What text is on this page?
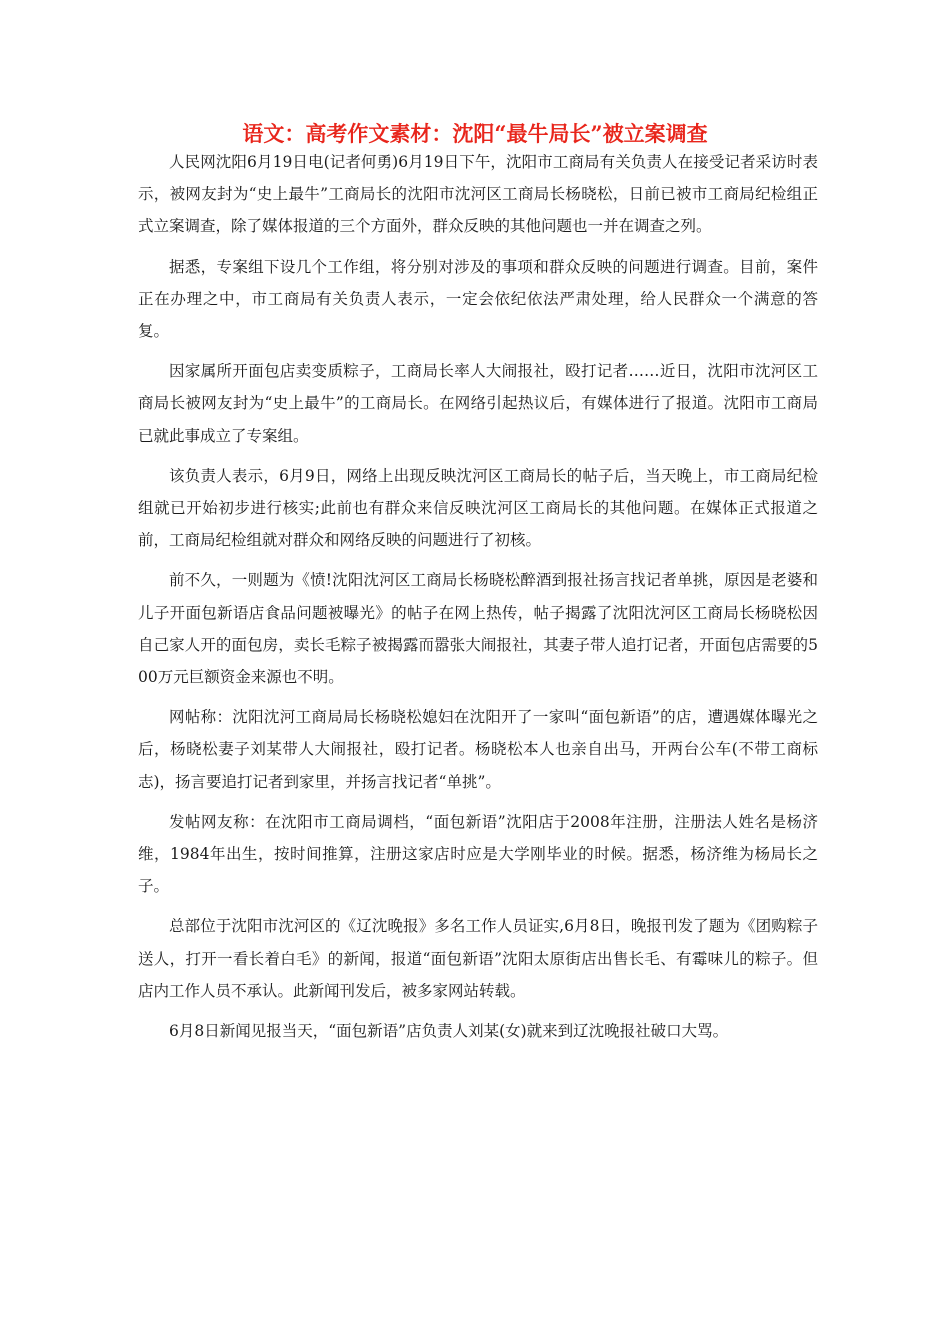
语文：高考作文素材：沈阳“最牛局长”被立案调查

人民网沈阳6月19日电(记者何勇)6月19日下午，沈阳市工商局有关负责人在接受记者采访时表示，被网友封为“史上最牛”工商局长的沈阳市沈河区工商局长杨晓松，日前已被市工商局纪检组正式立案调查，除了媒体报道的三个方面外，群众反映的其他问题也一并在调查之列。

据悉，专案组下设几个工作组，将分别对涉及的事项和群众反映的问题进行调查。目前，案件正在办理之中，市工商局有关负责人表示，一定会依纪依法严肃处理，给人民群众一个满意的答复。

因家属所开面包店卖变质粽子，工商局长率人大闹报社，殴打记者……近日，沈阳市沈河区工商局长被网友封为“史上最牛”的工商局长。在网络引起热议后，有媒体进行了报道。沈阳市工商局已就此事成立了专案组。

该负责人表示，6月9日，网络上出现反映沈河区工商局长的帖子后，当天晚上，市工商局纪检组就已开始初步进行核实;此前也有群众来信反映沈河区工商局长的其他问题。在媒体正式报道之前，工商局纪检组就对群众和网络反映的问题进行了初核。

前不久，一则题为《愤!沈阳沈河区工商局长杨晓松醉酒到报社扬言找记者单挑，原因是老婆和儿子开面包新语店食品问题被曝光》的帖子在网上热传，帖子揭露了沈阳沈河区工商局长杨晓松因自己家人开的面包房，卖长毛粽子被揭露而嚣张大闹报社，其妻子带人追打记者，开面包店需要的500万元巨额资金来源也不明。

网帖称：沈阳沈河工商局局长杨晓松媳妇在沈阳开了一家叫“面包新语”的店，遭遇媒体曝光之后，杨晓松妻子刘某带人大闹报社，殴打记者。杨晓松本人也亲自出马，开两台公车(不带工商标志)，扬言要追打记者到家里，并扬言找记者“单挑”。

发帖网友称：在沈阳市工商局调档，“面包新语”沈阳店于2008年注册，注册法人姓名是杨济维，1984年出生，按时间推算，注册这家店时应是大学刚毕业的时候。据悉，杨济维为杨局长之子。

总部位于沈阳市沈河区的《辽沈晚报》多名工作人员证实,6月8日，晚报刊发了题为《团购粽子送人，打开一看长着白毛》的新闻，报道“面包新语”沈阳太原街店出售长毛、有霉味儿的粽子。但店内工作人员不承认。此新闻刊发后，被多家网站转载。

6月8日新闻见报当天，“面包新语”店负责人刘某(女)就来到辽沈晚报社破口大骂。
